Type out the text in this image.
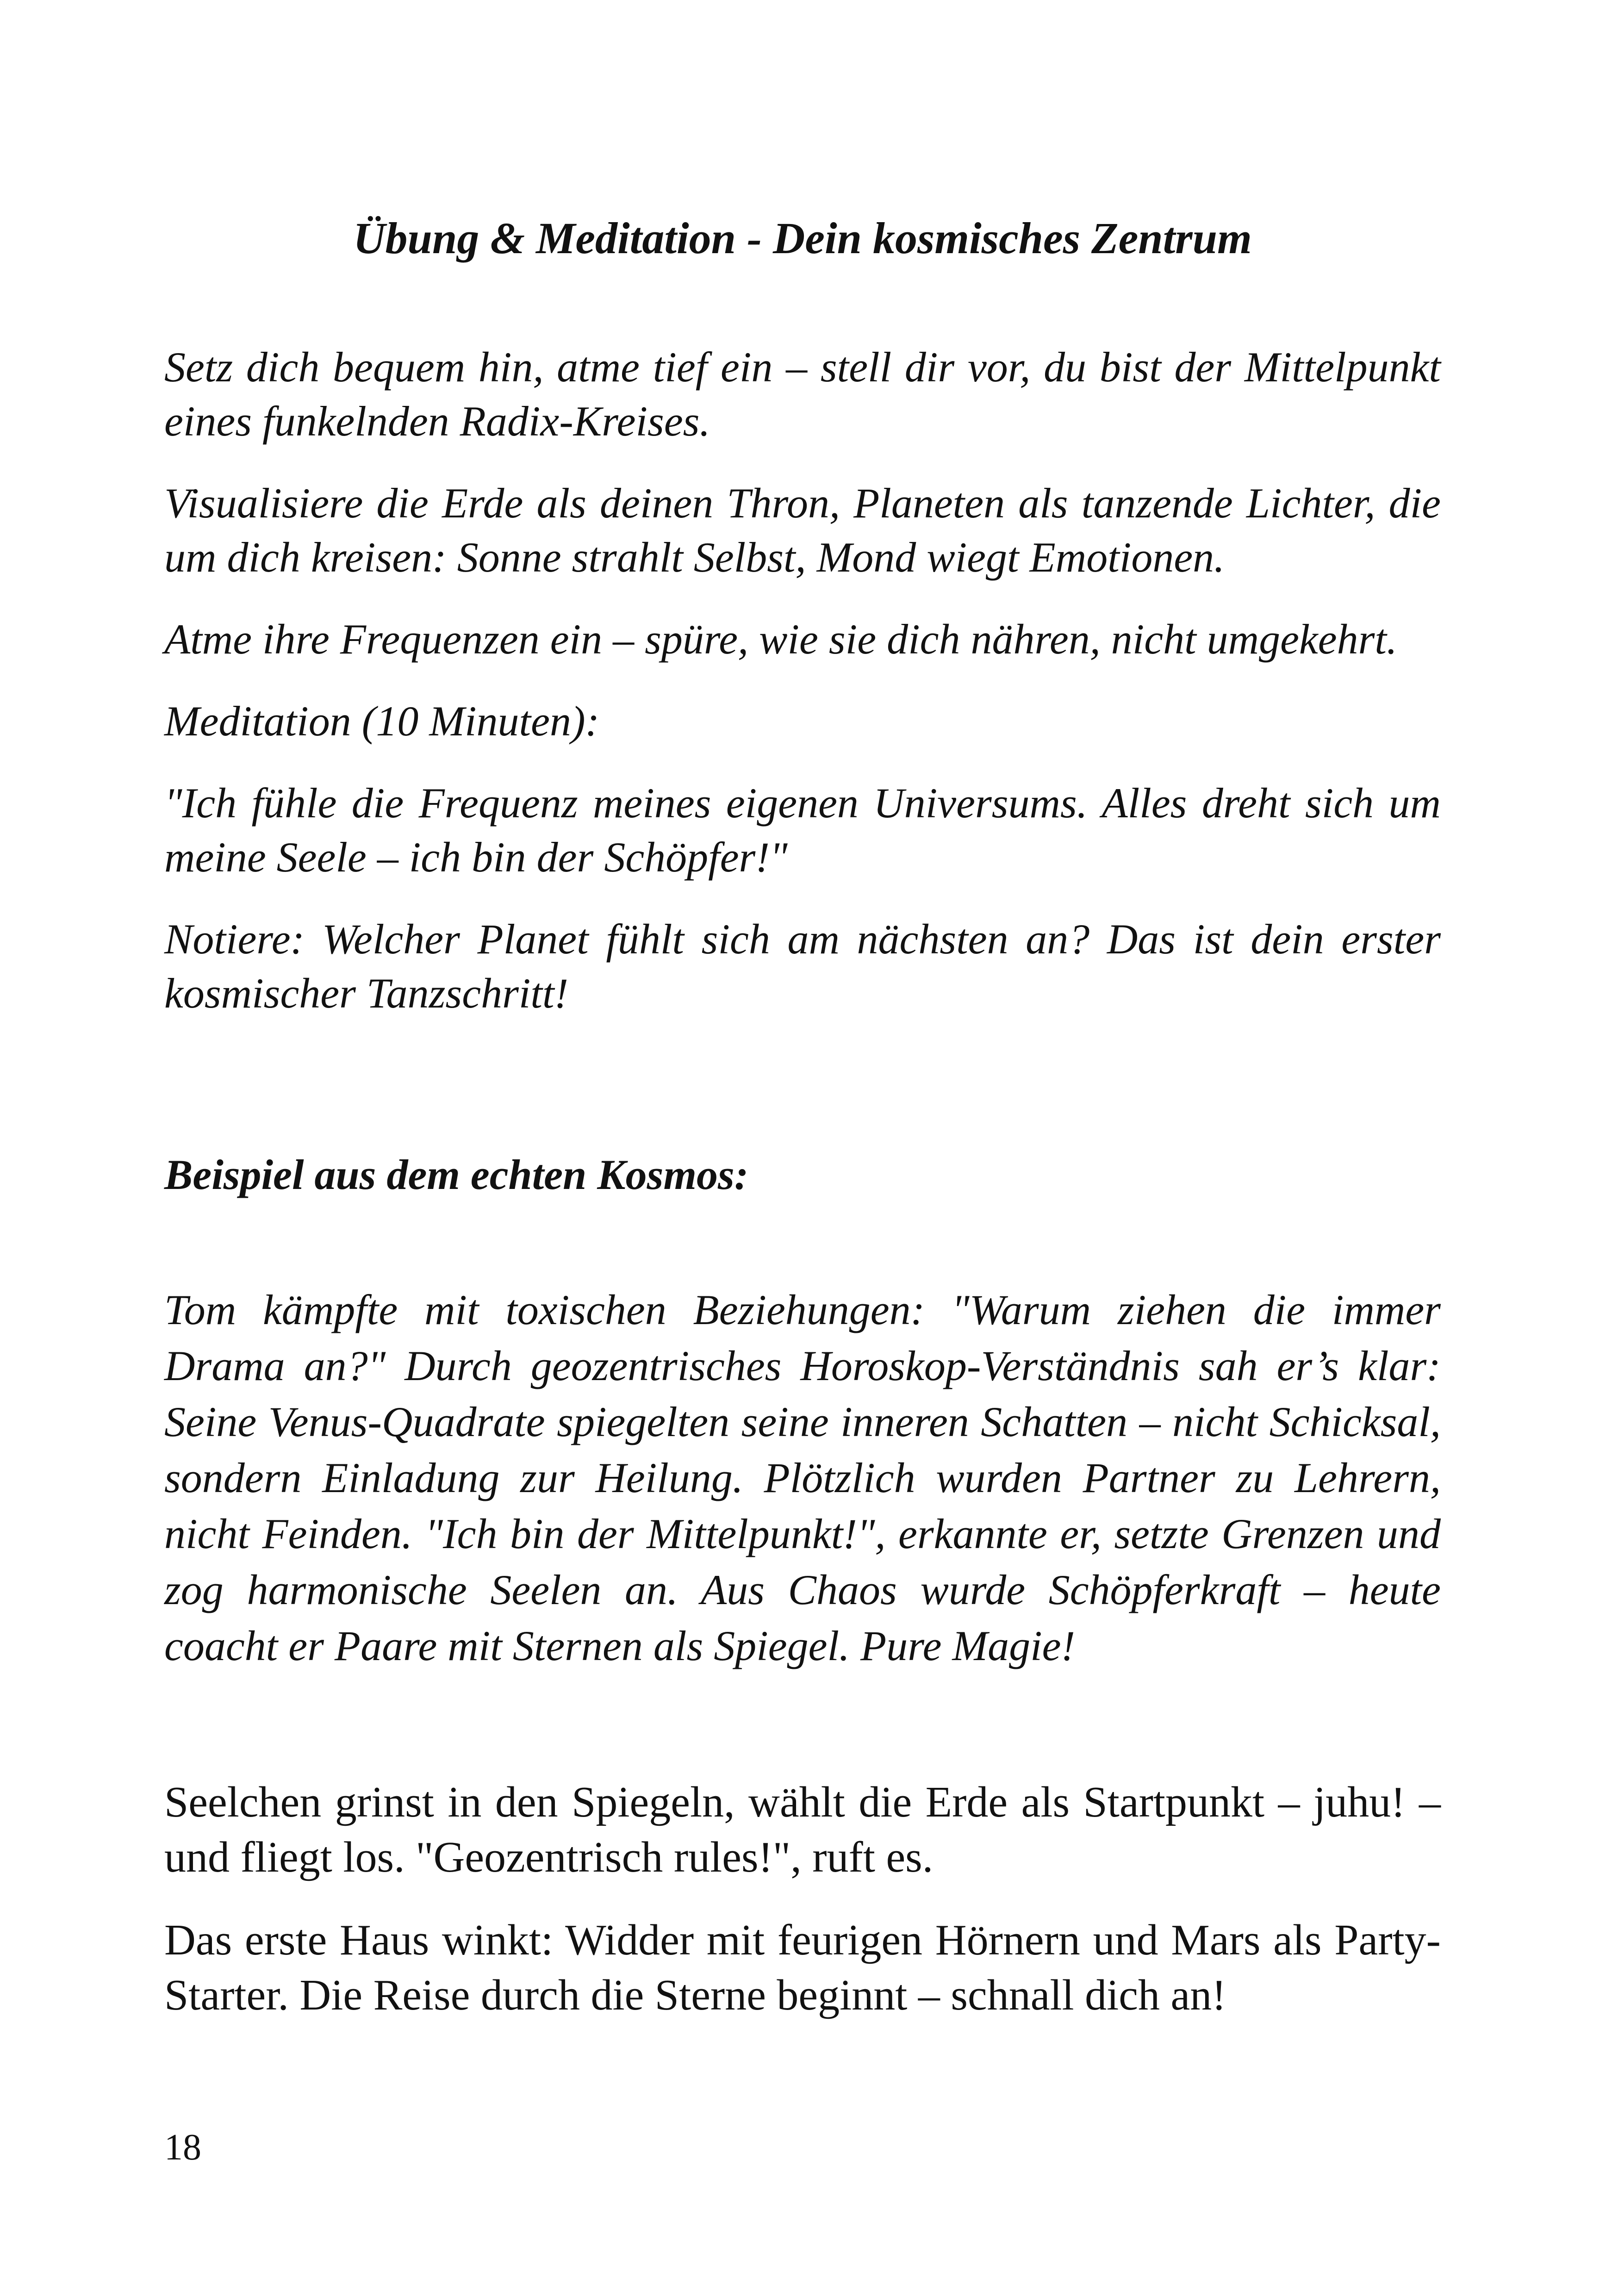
Übung & Meditation - Dein kosmisches Zentrum

Setz dich bequem hin, atme tief ein – stell dir vor, du bist der Mittelpunkt eines funkelnden Radix-Kreises.

Visualisiere die Erde als deinen Thron, Planeten als tanzende Lichter, die um dich kreisen: Sonne strahlt Selbst, Mond wiegt Emotionen.

Atme ihre Frequenzen ein – spüre, wie sie dich nähren, nicht umgekehrt.

Meditation (10 Minuten):

"Ich fühle die Frequenz meines eigenen Universums. Alles dreht sich um meine Seele – ich bin der Schöpfer!"

Notiere: Welcher Planet fühlt sich am nächsten an? Das ist dein erster kosmischer Tanzschritt!

Beispiel aus dem echten Kosmos:

Tom kämpfte mit toxischen Beziehungen: "Warum ziehen die immer Drama an?" Durch geozentrisches Horoskop-Verständnis sah er’s klar: Seine Venus-Quadrate spiegelten seine inneren Schatten – nicht Schicksal, sondern Einladung zur Heilung. Plötzlich wurden Partner zu Lehrern, nicht Feinden. "Ich bin der Mittelpunkt!", erkannte er, setzte Grenzen und zog harmonische Seelen an. Aus Chaos wurde Schöpferkraft – heute coacht er Paare mit Sternen als Spiegel. Pure Magie!

Seelchen grinst in den Spiegeln, wählt die Erde als Startpunkt – juhu! – und fliegt los. "Geozentrisch rules!", ruft es.

Das erste Haus winkt: Widder mit feurigen Hörnern und Mars als Party-Starter. Die Reise durch die Sterne beginnt – schnall dich an!

18
